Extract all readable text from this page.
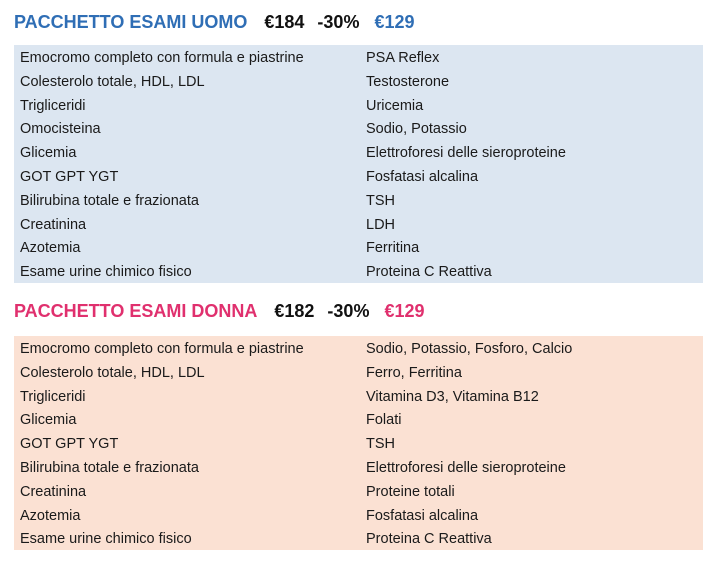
PACCHETTO ESAMI UOMO €184 -30% €129
Emocromo completo con formula e piastrine	PSA Reflex
Colesterolo totale, HDL, LDL	Testosterone
Trigliceridi	Uricemia
Omocisteina	Sodio, Potassio
Glicemia	Elettroforesi delle sieroproteine
GOT GPT YGT	Fosfatasi alcalina
Bilirubina totale e frazionata	TSH
Creatinina	LDH
Azotemia	Ferritina
Esame urine chimico fisico	Proteina C Reattiva
PACCHETTO ESAMI DONNA €182 -30% €129
Emocromo completo con formula e piastrine	Sodio, Potassio, Fosforo, Calcio
Colesterolo totale, HDL, LDL	Ferro, Ferritina
Trigliceridi	Vitamina D3, Vitamina B12
Glicemia	Folati
GOT GPT YGT	TSH
Bilirubina totale e frazionata	Elettroforesi delle sieroproteine
Creatinina	Proteine totali
Azotemia	Fosfatasi alcalina
Esame urine chimico fisico	Proteina C Reattiva
